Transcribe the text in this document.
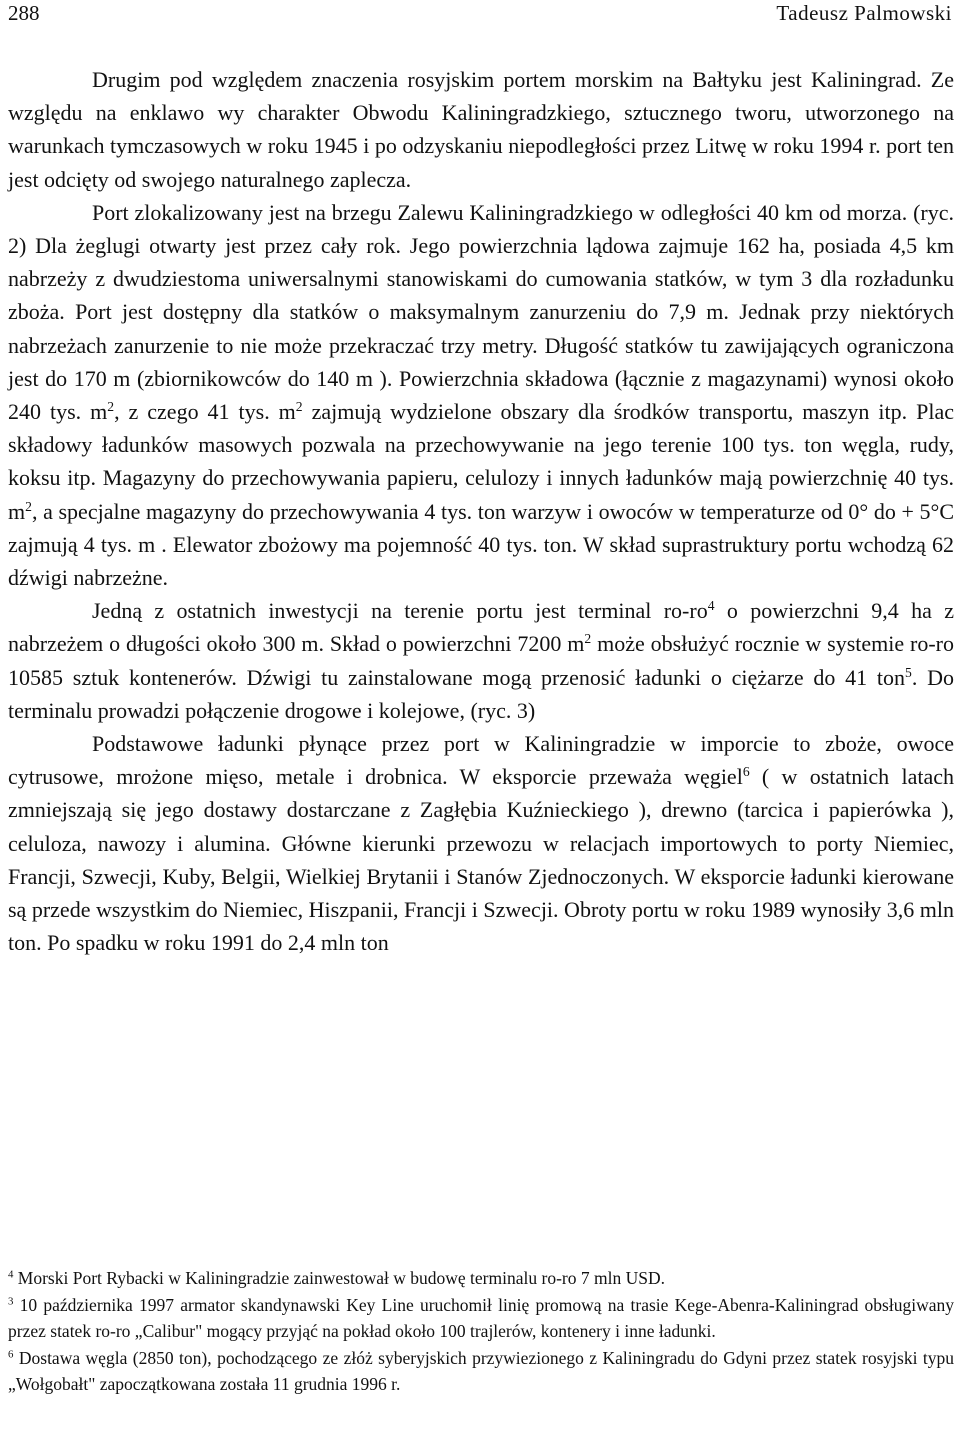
288	Tadeusz Palmowski

Drugim pod względem znaczenia rosyjskim portem morskim na Bałtyku jest Kaliningrad. Ze względu na enklawo wy charakter Obwodu Kaliningradzkiego, sztucznego tworu, utworzonego na warunkach tymczasowych w roku 1945 i po odzyskaniu niepodległości przez Litwę w roku 1994 r. port ten jest odcięty od swojego naturalnego zaplecza.

Port zlokalizowany jest na brzegu Zalewu Kaliningradzkiego w odległości 40 km od morza. (ryc. 2) Dla żeglugi otwarty jest przez cały rok. Jego powierzchnia lądowa zajmuje 162 ha, posiada 4,5 km nabrzeży z dwudziestoma uniwersalnymi stanowiskami do cumowania statków, w tym 3 dla rozładunku zboża. Port jest dostępny dla statków o maksymalnym zanurzeniu do 7,9 m. Jednak przy niektórych nabrzeżach zanurzenie to nie może przekraczać trzy metry. Długość statków tu zawijających ograniczona jest do 170 m (zbiornikowców do 140 m ). Powierzchnia składowa (łącznie z magazynami) wynosi około 240 tys. $m^2$, z czego 41 tys. $m^2$ zajmują wydzielone obszary dla środków transportu, maszyn itp. Plac składowy ładunków masowych pozwala na przechowywanie na jego terenie 100 tys. ton węgla, rudy, koksu itp. Magazyny do przechowywania papieru, celulozy i innych ładunków mają powierzchnię 40 tys. $m^2$, a specjalne magazyny do przechowywania 4 tys. ton warzyw i owoców w temperaturze od 0° do + 5°C zajmują 4 tys. m . Elewator zbożowy ma pojemność 40 tys. ton. W skład suprastruktury portu wchodzą 62 dźwigi nabrzeżne.

Jedną z ostatnich inwestycji na terenie portu jest terminal $ro-ro^4$ o powierzchni 9,4 ha z nabrzeżem o długości około 300 m. Skład o powierzchni 7200 $m^2$ może obsłużyć rocznie w systemie ro-ro 10585 sztuk kontenerów. Dźwigi tu zainstalowane mogą przenosić ładunki o ciężarze do 41 ton$^5$. Do terminalu prowadzi połączenie drogowe i kolejowe, (ryc. 3)

Podstawowe ładunki płynące przez port w Kaliningradzie w imporcie to zboże, owoce cytrusowe, mrożone mięso, metale i drobnica. W eksporcie przeważa węgiel$^6$ ( w ostatnich latach zmniejszają się jego dostawy dostarczane z Zagłębia Kuźnieckiego ), drewno (tarcica i papierówka ), celuloza, nawozy i alumina. Główne kierunki przewozu w relacjach importowych to porty Niemiec, Francji, Szwecji, Kuby, Belgii, Wielkiej Brytanii i Stanów Zjednoczonych. W eksporcie ładunki kierowane są przede wszystkim do Niemiec, Hiszpanii, Francji i Szwecji. Obroty portu w roku 1989 wynosiły 3,6 mln ton. Po spadku w roku 1991 do 2,4 mln ton

$^4$ Morski Port Rybacki w Kaliningradzie zainwestował w budowę terminalu ro-ro 7 mln USD.

$^3$ 10 października 1997 armator skandynawski Key Line uruchomił linię promową na trasie Kege-Abenra-Kaliningrad obsługiwany przez statek ro-ro „Calibur" mogący przyjąć na pokład około 100 trajlerów, kontenery i inne ładunki.

$^6$ Dostawa węgla (2850 ton), pochodzącego ze złóż syberyjskich przywiezionego z Kaliningradu do Gdyni przez statek rosyjski typu „Wołgobałt" zapoczątkowana została 11 grudnia 1996 r.
